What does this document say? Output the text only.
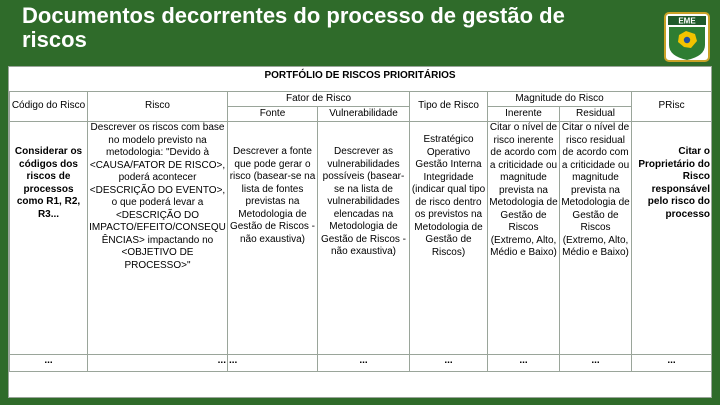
Documentos decorrentes do processo de gestão de riscos
EME
PORTFÓLIO DE RISCOS PRIORITÁRIOS
Código do Risco	Risco	Fator de Risco		Tipo de Risco	Magnitude do Risco		PRisc
		Fonte	Vulnerabilidade		Inerente	Residual	

Considerar os códigos dos riscos de processos como R1, R2, R3...	Descrever os riscos com base no modelo previsto na metodologia: "Devido à <CAUSA/FATOR DE RISCO>, poderá acontecer <DESCRIÇÃO DO EVENTO>, o que poderá levar a <DESCRIÇÃO DO IMPACTO/EFEITO/CONSEQUÊNCIAS> impactando no <OBJETIVO DE PROCESSO>"	Descrever a fonte que pode gerar o risco (basear-se na lista de fontes previstas na Metodologia de Gestão de Riscos - não exaustiva)	Descrever as vulnerabilidades possíveis (basear-se na lista de vulnerabilidades elencadas na Metodologia de Gestão de Riscos - não exaustiva)	Estratégico Operativo Gestão Interna Integridade (indicar qual tipo de risco dentro os previstos na Metodologia de Gestão de Riscos)	Citar o nível de risco inerente de acordo com a criticidade ou magnitude prevista na Metodologia de Gestão de Riscos (Extremo, Alto, Médio e Baixo)	Citar o nível de risco residual de acordo com a criticidade ou magnitude prevista na Metodologia de Gestão de Riscos (Extremo, Alto, Médio e Baixo)	Citar o Proprietário do Risco responsável pelo risco do processo

...	...	...	...	...	...	...	...
